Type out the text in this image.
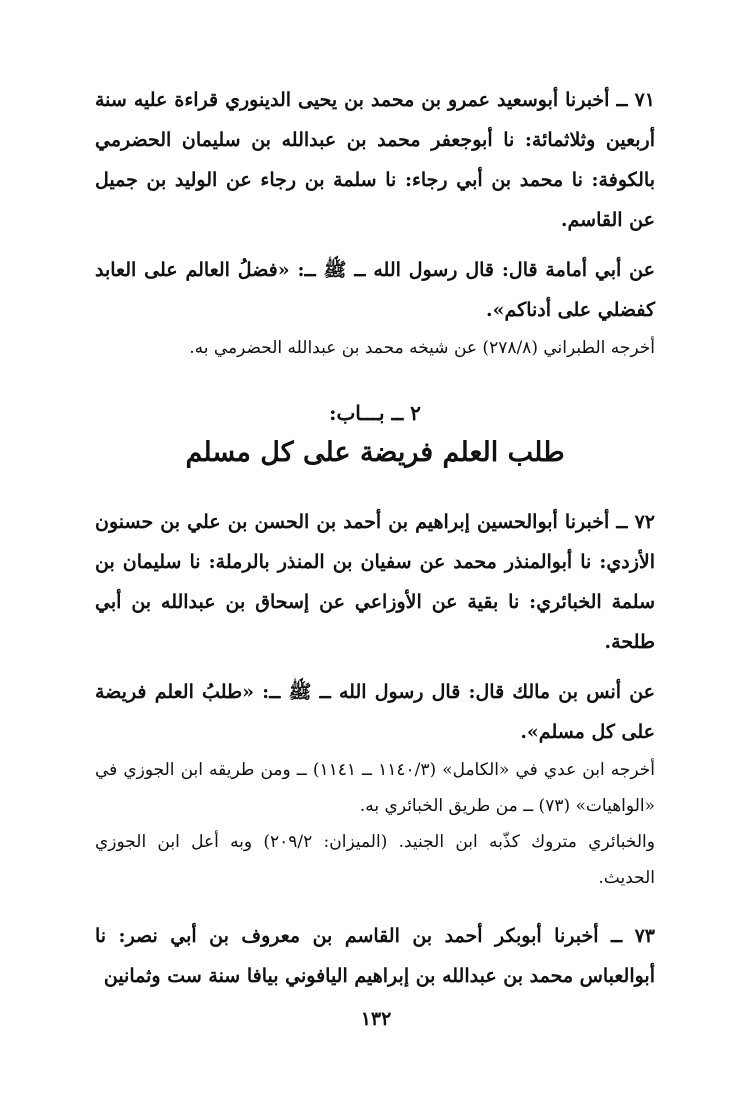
٧١ ــ أخبرنا أبوسعيد عمرو بن محمد بن يحيى الدينوري قراءة عليه سنة أربعين وثلاثمائة: نا أبوجعفر محمد بن عبدالله بن سليمان الحضرمي بالكوفة: نا محمد بن أبي رجاء: نا سلمة بن رجاء عن الوليد بن جميل عن القاسم.

عن أبي أمامة قال: قال رسول الله ــ ﷺ ــ: «فضلُ العالم على العابد كفضلي على أدناكم».

أخرجه الطبراني (٢٧٨/٨) عن شيخه محمد بن عبدالله الحضرمي به.

٢ ــ بـــاب:
طلب العلم فريضة على كل مسلم

٧٢ ــ أخبرنا أبوالحسين إبراهيم بن أحمد بن الحسن بن علي بن حسنون الأزدي: نا أبوالمنذر محمد عن سفيان بن المنذر بالرملة: نا سليمان بن سلمة الخبائري: نا بقية عن الأوزاعي عن إسحاق بن عبدالله بن أبي طلحة.

عن أنس بن مالك قال: قال رسول الله ــ ﷺ ــ: «طلبُ العلم فريضة على كل مسلم».

أخرجه ابن عدي في «الكامل» (١١٤٠/٣ ــ ١١٤١) ــ ومن طريقه ابن الجوزي في «الواهيات» (٧٣) ــ من طريق الخبائري به.

والخبائري متروك كذّبه ابن الجنيد. (الميزان: ٢٠٩/٢) وبه أعل ابن الجوزي الحديث.

٧٣ ــ أخبرنا أبوبكر أحمد بن القاسم بن معروف بن أبي نصر: نا أبوالعباس محمد بن عبدالله بن إبراهيم اليافوني بيافا سنة ست وثمانين

١٣٢
